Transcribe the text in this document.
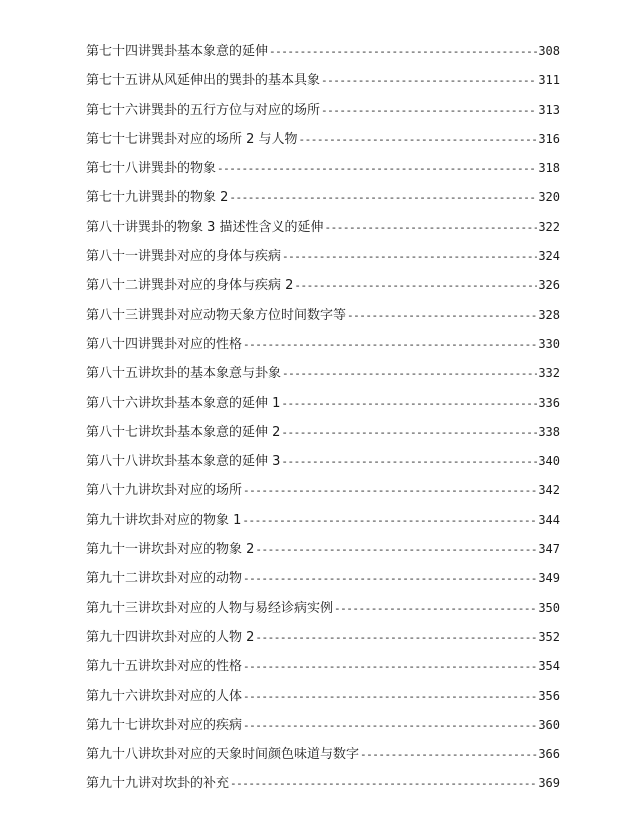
第七十四讲巽卦基本象意的延伸 -----	308
第七十五讲从风延伸出的巽卦的基本具象 -----	311
第七十六讲巽卦的五行方位与对应的场所 -----	313
第七十七讲巽卦对应的场所 2 与人物 -----	316
第七十八讲巽卦的物象 -----	318
第七十九讲巽卦的物象 2 -----	320
第八十讲巽卦的物象 3 描述性含义的延伸 -----	322
第八十一讲巽卦对应的身体与疾病 -----	324
第八十二讲巽卦对应的身体与疾病 2 -----	326
第八十三讲巽卦对应动物天象方位时间数字等 -----	328
第八十四讲巽卦对应的性格 -----	330
第八十五讲坎卦的基本象意与卦象 -----	332
第八十六讲坎卦基本象意的延伸 1 -----	336
第八十七讲坎卦基本象意的延伸 2 -----	338
第八十八讲坎卦基本象意的延伸 3 -----	340
第八十九讲坎卦对应的场所 -----	342
第九十讲坎卦对应的物象 1 -----	344
第九十一讲坎卦对应的物象 2 -----	347
第九十二讲坎卦对应的动物 -----	349
第九十三讲坎卦对应的人物与易经诊病实例 -----	350
第九十四讲坎卦对应的人物 2 -----	352
第九十五讲坎卦对应的性格 -----	354
第九十六讲坎卦对应的人体 -----	356
第九十七讲坎卦对应的疾病 -----	360
第九十八讲坎卦对应的天象时间颜色味道与数字 -----	366
第九十九讲对坎卦的补充 -----	369
